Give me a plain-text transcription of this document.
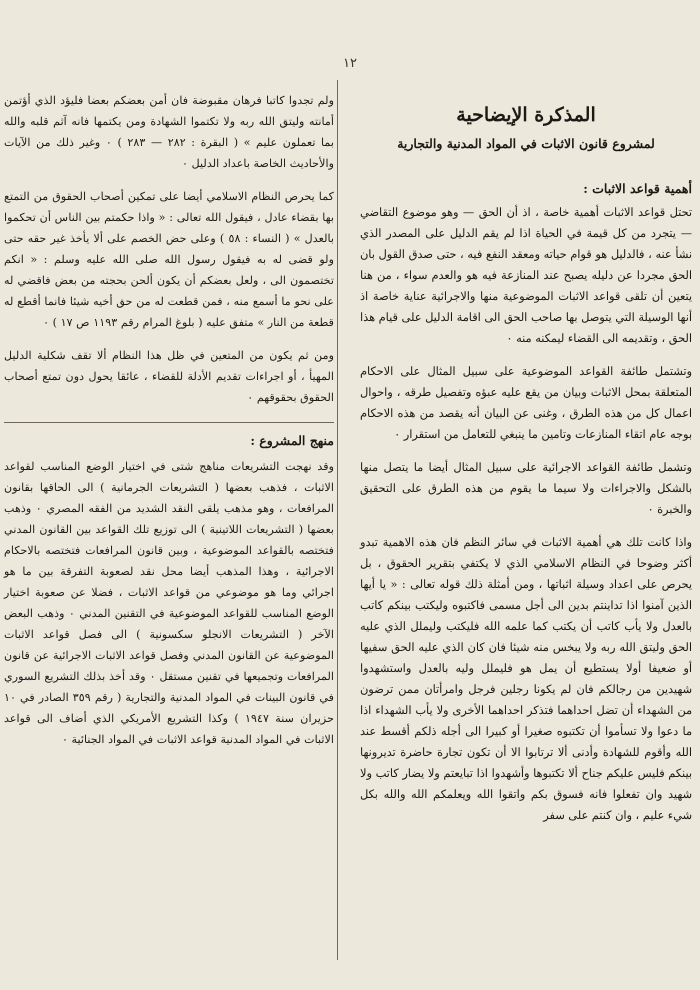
١٢
المذكرة الإيضاحية
لمشروع قانون الاثبات في المواد المدنية والتجارية
أهمية قواعد الاثبات :

تحتل قواعد الاثبات أهمية خاصة ، اذ أن الحق — وهو موضوع التقاضي — يتجرد من كل قيمة في الحياة اذا لم يقم الدليل على المصدر الذي نشأ عنه ، فالدليل هو قوام حياته ومعقد النفع فيه ، حتى صدق القول بان الحق مجردا عن دليله يصبح عند المنازعة فيه هو والعدم سواء ، من هنا يتعين أن تلقى قواعد الاثبات الموضوعية منها والاجرائية عناية خاصة اذ أنها الوسيلة التي يتوصل بها صاحب الحق الى اقامة الدليل على قيام هذا الحق ، وتقديمه الى القضاء ليمكنه منه ٠

وتشتمل طائفة القواعد الموضوعية على سبيل المثال على الاحكام المتعلقة بمحل الاثبات وبيان من يقع عليه عبؤه وتفصيل طرقه ، واحوال اعمال كل من هذه الطرق ، وغنى عن البيان أنه يقصد من هذه الاحكام بوجه عام اتقاء المنازعات وتامين ما ينبغي للتعامل من استقرار ٠

وتشمل طائفة القواعد الاجرائية على سبيل المثال أيضا ما يتصل منها بالشكل والاجراءات ولا سيما ما يقوم من هذه الطرق على التحقيق والخبرة ٠

واذا كانت تلك هي أهمية الاثبات في سائر النظم فان هذه الاهمية تبدو أكثر وضوحا في النظام الاسلامي الذي لا يكتفي بتقرير الحقوق ، بل يحرص على اعداد وسيلة اثباتها ، ومن أمثلة ذلك قوله تعالى : « يا أيها الذين آمنوا اذا تداينتم بدين الى أجل مسمى فاكتبوه وليكتب بينكم كاتب بالعدل ولا يأب كاتب أن يكتب كما علمه الله فليكتب وليملل الذي عليه الحق وليتق الله ربه ولا يبخس منه شيئا فان كان الذي عليه الحق سفيها أو ضعيفا أولا يستطيع أن يمل هو فليملل وليه بالعدل واستشهدوا شهيدين من رجالكم فان لم يكونا رجلين فرجل وامرأتان ممن ترضون من الشهداء أن تضل احداهما فتذكر احداهما الأخرى ولا يأب الشهداء اذا ما دعوا ولا تسأموا أن تكتبوه صغيرا أو كبيرا الى أجله ذلكم أقسط عند الله وأقوم للشهادة وأدنى ألا ترتابوا الا أن تكون تجارة حاضرة تديرونها بينكم فليس عليكم جناح ألا تكتبوها وأشهدوا اذا تبايعتم ولا يضار كاتب ولا شهيد وان تفعلوا فانه فسوق بكم واتقوا الله ويعلمكم الله والله بكل شيء عليم ، وان كنتم على سفر

ولم تجدوا كاتبا فرهان مقبوضة فان أمن بعضكم بعضا فليؤد الذي أؤتمن أمانته وليتق الله ربه ولا تكتموا الشهادة ومن يكتمها فانه آثم قلبه والله بما تعملون عليم » ( البقرة : ٢٨٢ — ٢٨٣ ) ٠ وغير ذلك من الآيات والأحاديث الخاصة باعداد الدليل ٠

كما يحرص النظام الاسلامي أيضا على تمكين أصحاب الحقوق من التمتع بها بقضاء عادل ، فيقول الله تعالى : « واذا حكمتم بين الناس أن تحكموا بالعدل » ( النساء : ٥٨ ) وعلى حض الخصم على ألا يأخذ غير حقه حتى ولو قضى له به فيقول رسول الله صلى الله عليه وسلم : « انكم تختصمون الى ، ولعل بعضكم أن يكون ألحن بحجته من بعض فاقضي له على نحو ما أسمع منه ، فمن قطعت له من حق أخيه شيئا فانما أقطع له قطعة من النار » متفق عليه ( بلوغ المرام رقم ١١٩٣ ص ١٧ ) ٠

ومن ثم يكون من المتعين في ظل هذا النظام ألا تقف شكلية الدليل المهيأ ، أو اجراءات تقديم الأدلة للقضاء ، عائقا يحول دون تمتع أصحاب الحقوق بحقوقهم ٠

منهج المشروع :

وقد نهجت التشريعات مناهج شتى في اختيار الوضع المناسب لقواعد الاثبات ، فذهب بعضها ( التشريعات الجرمانية ) الى الحاقها بقانون المرافعات ، وهو مذهب يلقى النقد الشديد من الفقه المصري ٠ وذهب بعضها ( التشريعات اللاتينية ) الى توزيع تلك القواعد بين القانون المدني فتختصه بالقواعد الموضوعية ، وبين قانون المرافعات فتختصه بالاحكام الاجرائية ، وهذا المذهب أيضا محل نقد لصعوبة التفرقة بين ما هو اجرائي وما هو موضوعي من قواعد الاثبات ، فضلا عن صعوبة اختيار الوضع المناسب للقواعد الموضوعية في التقنين المدني ٠ وذهب البعض الآخر ( التشريعات الانجلو سكسونية ) الى فصل قواعد الاثبات الموضوعية عن القانون المدني وفصل قواعد الاثبات الاجرائية عن قانون المرافعات وتجميعها في تقنين مستقل ٠ وقد أخذ بذلك التشريع السوري في قانون البينات في المواد المدنية والتجارية ( رقم ٣٥٩ الصادر في ١٠ حزيران سنة ١٩٤٧ ) وكذا التشريع الأمريكي الذي أضاف الى قواعد الاثبات في المواد المدنية قواعد الاثبات في المواد الجنائية ٠
